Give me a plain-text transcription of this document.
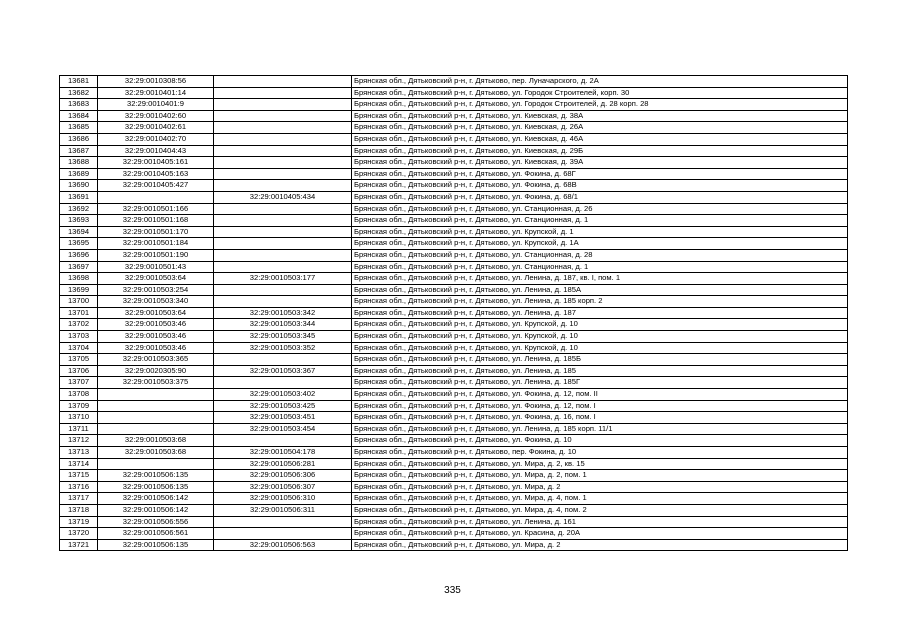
13681	32:29:0010308:56		Брянская обл., Дятьковский р-н, г. Дятьково, пер. Луначарского, д. 2А
13682	32:29:0010401:14		Брянская обл., Дятьковский р-н, г. Дятьково, ул. Городок Строителей, корп. 30
13683	32:29:0010401:9		Брянская обл., Дятьковский р-н, г. Дятьково, ул. Городок Строителей, д. 28 корп. 28
13684	32:29:0010402:60		Брянская обл., Дятьковский р-н, г. Дятьково, ул. Киевская, д. 38А
13685	32:29:0010402:61		Брянская обл., Дятьковский р-н, г. Дятьково, ул. Киевская, д. 26А
13686	32:29:0010402:70		Брянская обл., Дятьковский р-н, г. Дятьково, ул. Киевская, д. 46А
13687	32:29:0010404:43		Брянская обл., Дятьковский р-н, г. Дятьково, ул. Киевская, д. 29Б
13688	32:29:0010405:161		Брянская обл., Дятьковский р-н, г. Дятьково, ул. Киевская, д. 39А
13689	32:29:0010405:163		Брянская обл., Дятьковский р-н, г. Дятьково, ул. Фокина, д. 68Г
13690	32:29:0010405:427		Брянская обл., Дятьковский р-н, г. Дятьково, ул. Фокина, д. 68В
13691		32:29:0010405:434	Брянская обл., Дятьковский р-н, г. Дятьково, ул. Фокина, д. 68/1
13692	32:29:0010501:166		Брянская обл., Дятьковский р-н, г. Дятьково, ул. Станционная, д. 26
13693	32:29:0010501:168		Брянская обл., Дятьковский р-н, г. Дятьково, ул. Станционная, д. 1
13694	32:29:0010501:170		Брянская обл., Дятьковский р-н, г. Дятьково, ул. Крупской, д. 1
13695	32:29:0010501:184		Брянская обл., Дятьковский р-н, г. Дятьково, ул. Крупской, д. 1А
13696	32:29:0010501:190		Брянская обл., Дятьковский р-н, г. Дятьково, ул. Станционная, д. 28
13697	32:29:0010501:43		Брянская обл., Дятьковский р-н, г. Дятьково, ул. Станционная, д. 1
13698	32:29:0010503:64	32:29:0010503:177	Брянская обл., Дятьковский р-н, г. Дятьково, ул. Ленина, д. 187, кв. I, пом. 1
13699	32:29:0010503:254		Брянская обл., Дятьковский р-н, г. Дятьково, ул. Ленина, д. 185А
13700	32:29:0010503:340		Брянская обл., Дятьковский р-н, г. Дятьково, ул. Ленина, д. 185 корп. 2
13701	32:29:0010503:64	32:29:0010503:342	Брянская обл., Дятьковский р-н, г. Дятьково, ул. Ленина, д. 187
13702	32:29:0010503:46	32:29:0010503:344	Брянская обл., Дятьковский р-н, г. Дятьково, ул. Крупской, д. 10
13703	32:29:0010503:46	32:29:0010503:345	Брянская обл., Дятьковский р-н, г. Дятьково, ул. Крупской, д. 10
13704	32:29:0010503:46	32:29:0010503:352	Брянская обл., Дятьковский р-н, г. Дятьково, ул. Крупской, д. 10
13705	32:29:0010503:365		Брянская обл., Дятьковский р-н, г. Дятьково, ул. Ленина, д. 185Б
13706	32:29:0020305:90	32:29:0010503:367	Брянская обл., Дятьковский р-н, г. Дятьково, ул. Ленина, д. 185
13707	32:29:0010503:375		Брянская обл., Дятьковский р-н, г. Дятьково, ул. Ленина, д. 185Г
13708		32:29:0010503:402	Брянская обл., Дятьковский р-н, г. Дятьково, ул. Фокина, д. 12, пом. II
13709		32:29:0010503:425	Брянская обл., Дятьковский р-н, г. Дятьково, ул. Фокина, д. 12, пом. I
13710		32:29:0010503:451	Брянская обл., Дятьковский р-н, г. Дятьково, ул. Фокина, д. 16, пом. I
13711		32:29:0010503:454	Брянская обл., Дятьковский р-н, г. Дятьково, ул. Ленина, д. 185 корп. 11/1
13712	32:29:0010503:68		Брянская обл., Дятьковский р-н, г. Дятьково, ул. Фокина, д. 10
13713	32:29:0010503:68	32:29:0010504:178	Брянская обл., Дятьковский р-н, г. Дятьково, пер. Фокина, д. 10
13714		32:29:0010506:281	Брянская обл., Дятьковский р-н, г. Дятьково, ул. Мира, д. 2, кв. 15
13715	32:29:0010506:135	32:29:0010506:306	Брянская обл., Дятьковский р-н, г. Дятьково, ул. Мира, д. 2, пом. 1
13716	32:29:0010506:135	32:29:0010506:307	Брянская обл., Дятьковский р-н, г. Дятьково, ул. Мира, д. 2
13717	32:29:0010506:142	32:29:0010506:310	Брянская обл., Дятьковский р-н, г. Дятьково, ул. Мира, д. 4, пом. 1
13718	32:29:0010506:142	32:29:0010506:311	Брянская обл., Дятьковский р-н, г. Дятьково, ул. Мира, д. 4, пом. 2
13719	32:29:0010506:556		Брянская обл., Дятьковский р-н, г. Дятьково, ул. Ленина, д. 161
13720	32:29:0010506:561		Брянская обл., Дятьковский р-н, г. Дятьково, ул. Красина, д. 20А
13721	32:29:0010506:135	32:29:0010506:563	Брянская обл., Дятьковский р-н, г. Дятьково, ул. Мира, д. 2
335
